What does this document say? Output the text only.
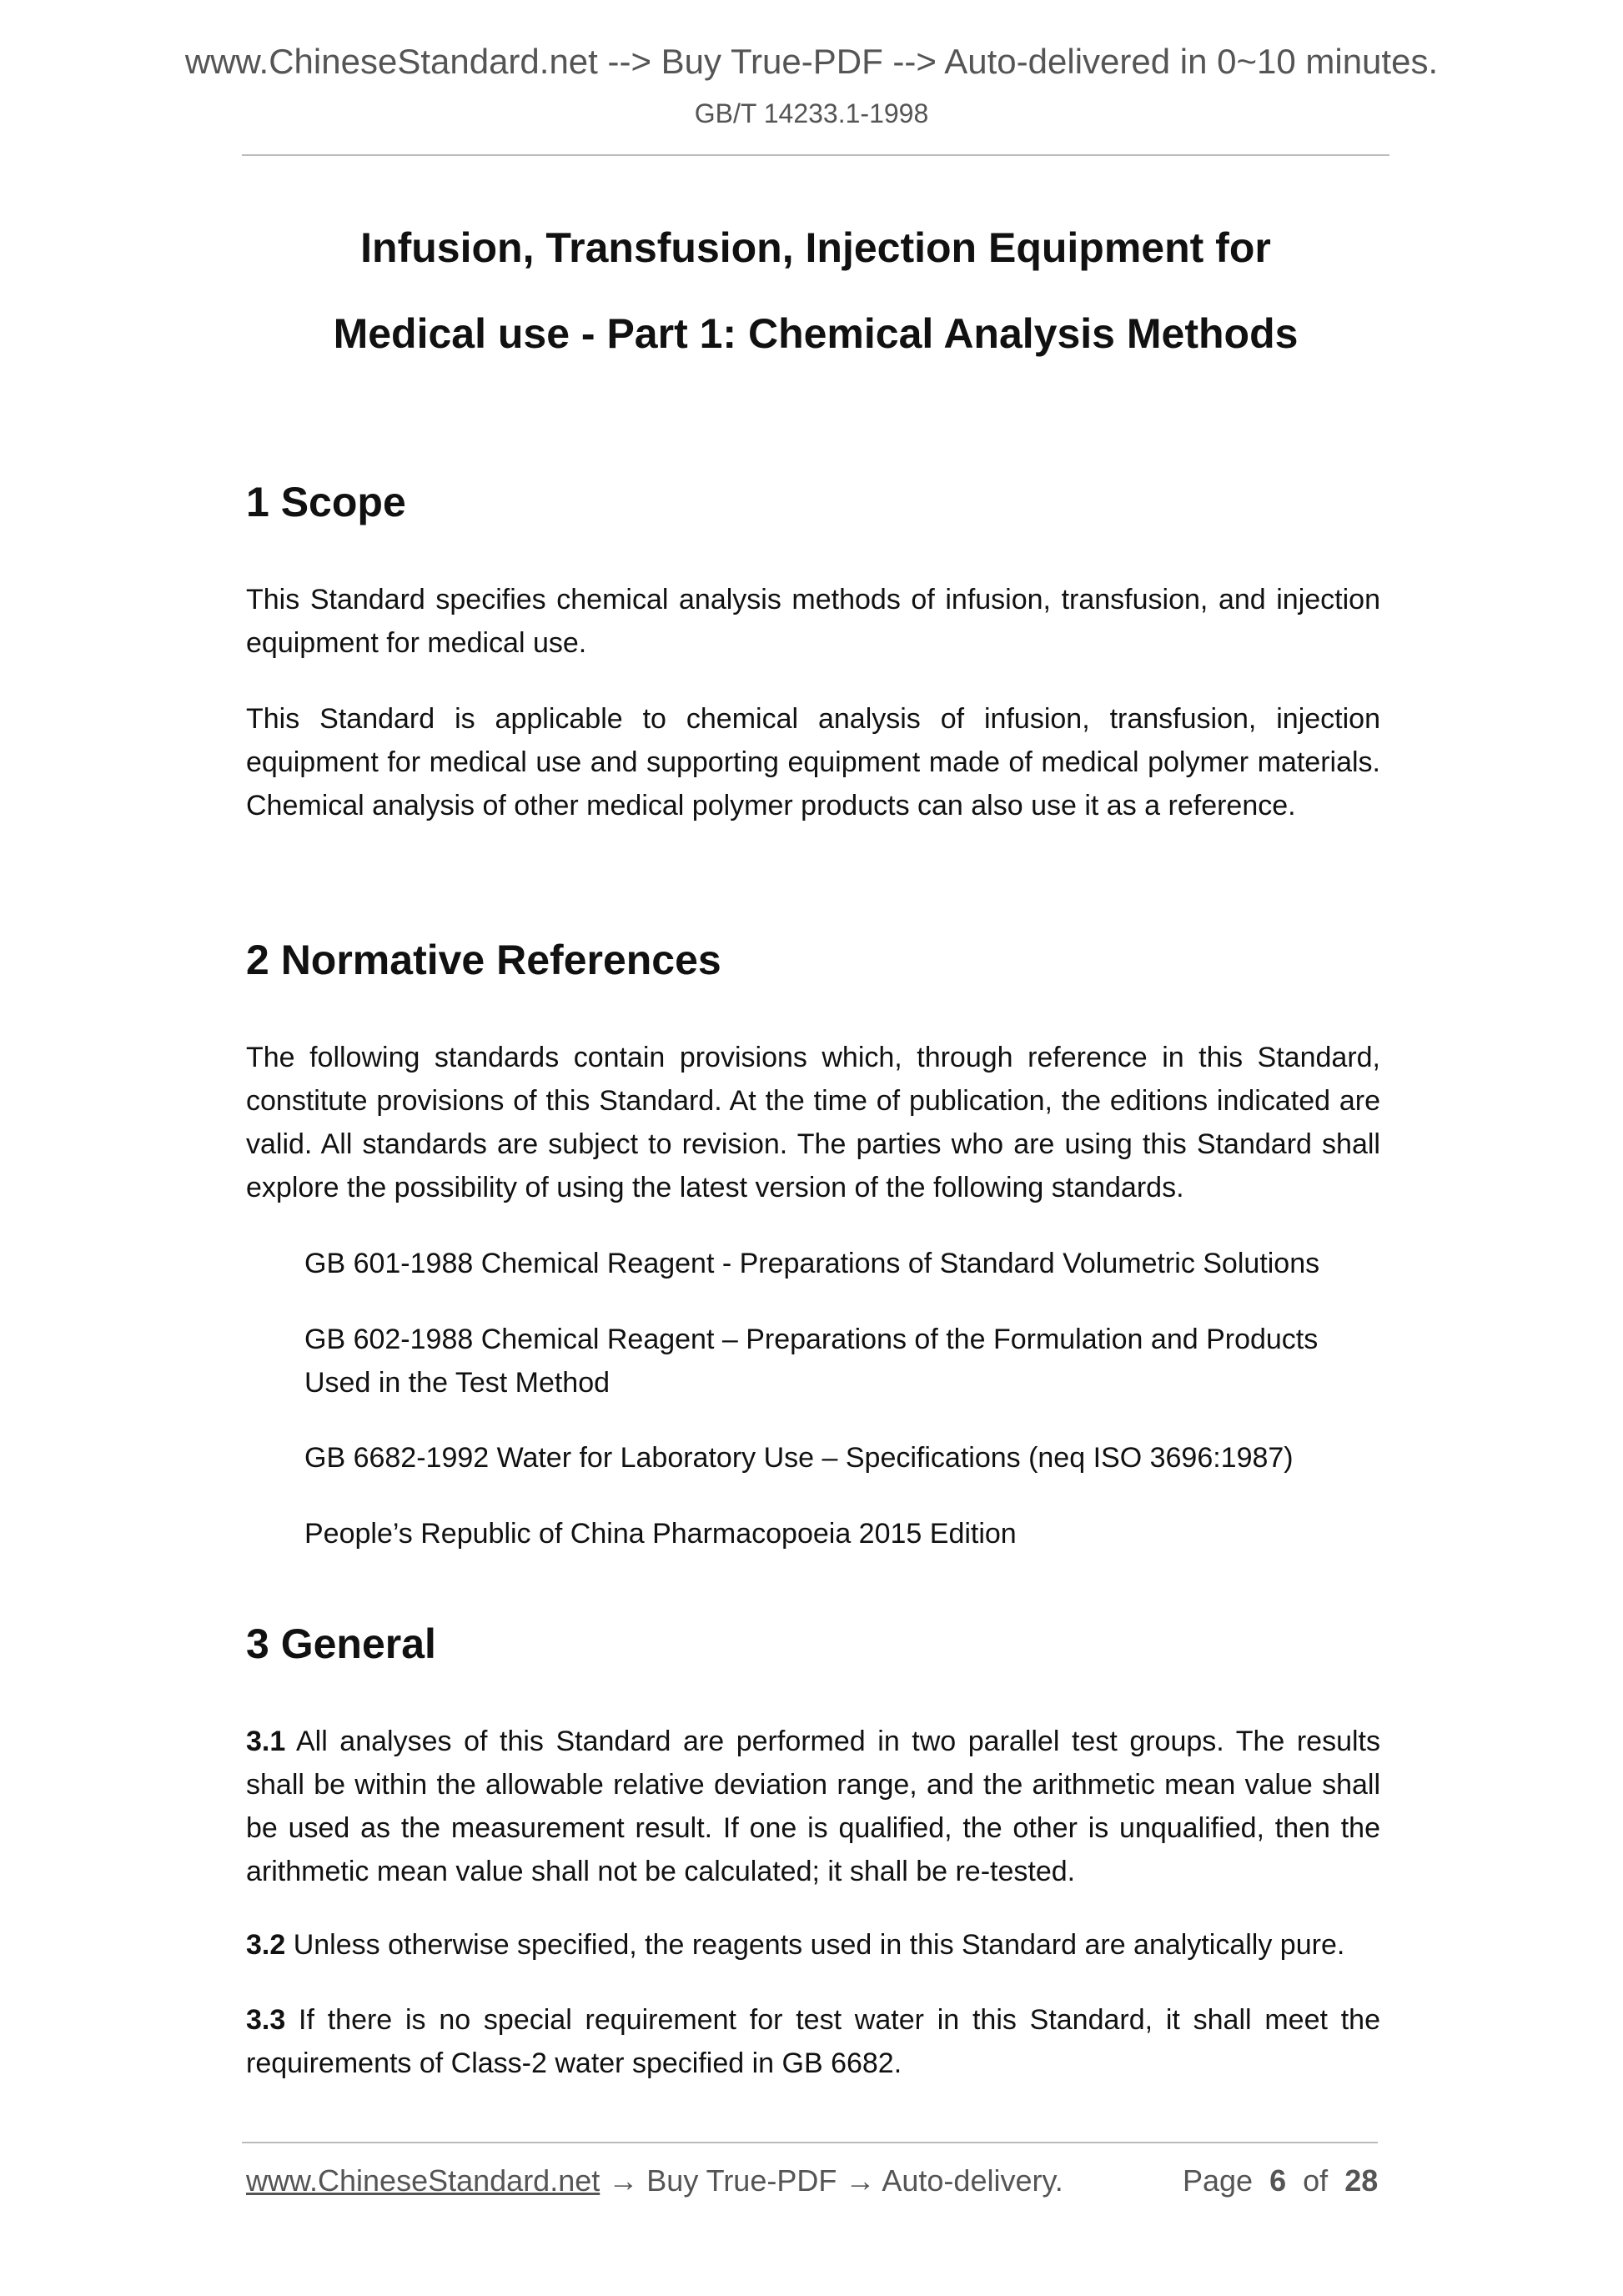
www.ChineseStandard.net --> Buy True-PDF --> Auto-delivered in 0~10 minutes.
GB/T 14233.1-1998
Infusion, Transfusion, Injection Equipment for
Medical use - Part 1: Chemical Analysis Methods
1 Scope
This Standard specifies chemical analysis methods of infusion, transfusion, and injection equipment for medical use.
This Standard is applicable to chemical analysis of infusion, transfusion, injection equipment for medical use and supporting equipment made of medical polymer materials. Chemical analysis of other medical polymer products can also use it as a reference.
2 Normative References
The following standards contain provisions which, through reference in this Standard, constitute provisions of this Standard. At the time of publication, the editions indicated are valid. All standards are subject to revision. The parties who are using this Standard shall explore the possibility of using the latest version of the following standards.
GB 601-1988 Chemical Reagent - Preparations of Standard Volumetric Solutions
GB 602-1988 Chemical Reagent – Preparations of the Formulation and Products Used in the Test Method
GB 6682-1992 Water for Laboratory Use – Specifications (neq ISO 3696:1987)
People’s Republic of China Pharmacopoeia 2015 Edition
3 General
3.1 All analyses of this Standard are performed in two parallel test groups. The results shall be within the allowable relative deviation range, and the arithmetic mean value shall be used as the measurement result. If one is qualified, the other is unqualified, then the arithmetic mean value shall not be calculated; it shall be re-tested.
3.2 Unless otherwise specified, the reagents used in this Standard are analytically pure.
3.3 If there is no special requirement for test water in this Standard, it shall meet the requirements of Class-2 water specified in GB 6682.
www.ChineseStandard.net → Buy True-PDF → Auto-delivery.	Page 6 of 28
